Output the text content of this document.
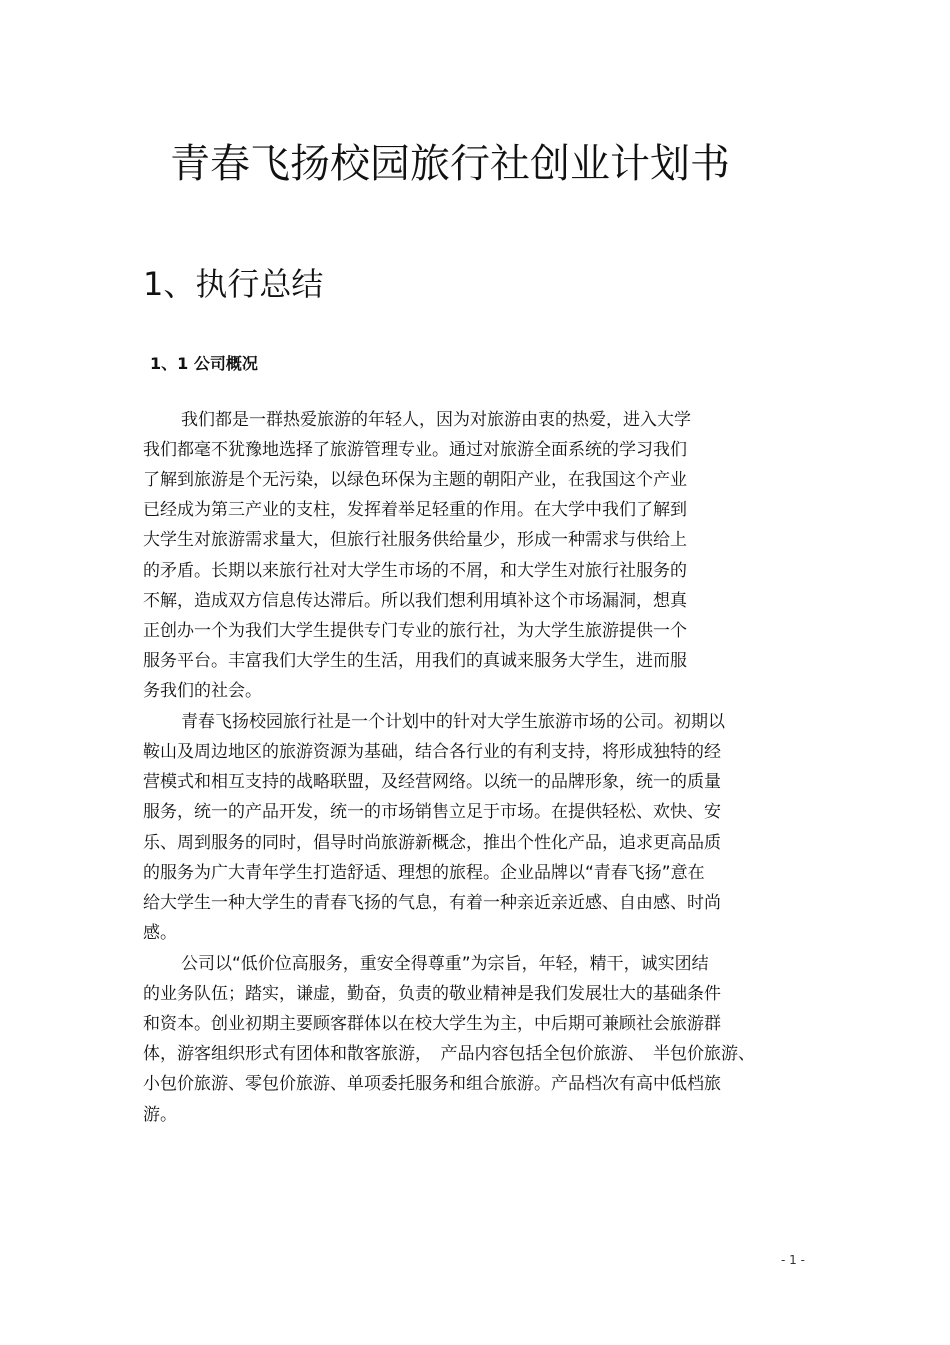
青春飞扬校园旅行社创业计划书
1、执行总结
1、1 公司概况

我们都是一群热爱旅游的年轻人，因为对旅游由衷的热爱，进入大学

我们都毫不犹豫地选择了旅游管理专业。通过对旅游全面系统的学习我们

了解到旅游是个无污染，以绿色环保为主题的朝阳产业，在我国这个产业

已经成为第三产业的支柱，发挥着举足轻重的作用。在大学中我们了解到

大学生对旅游需求量大，但旅行社服务供给量少，形成一种需求与供给上

的矛盾。长期以来旅行社对大学生市场的不屑，和大学生对旅行社服务的

不解，造成双方信息传达滞后。所以我们想利用填补这个市场漏洞，想真

正创办一个为我们大学生提供专门专业的旅行社，为大学生旅游提供一个

服务平台。丰富我们大学生的生活，用我们的真诚来服务大学生，进而服

务我们的社会。

青春飞扬校园旅行社是一个计划中的针对大学生旅游市场的公司。初期以

鞍山及周边地区的旅游资源为基础，结合各行业的有利支持，将形成独特的经

营模式和相互支持的战略联盟，及经营网络。以统一的品牌形象，统一的质量

服务，统一的产品开发，统一的市场销售立足于市场。在提供轻松、欢快、安

乐、周到服务的同时，倡导时尚旅游新概念，推出个性化产品，追求更高品质

的服务为广大青年学生打造舒适、理想的旅程。企业品牌以“青春飞扬”意在

给大学生一种大学生的青春飞扬的气息，有着一种亲近亲近感、自由感、时尚

感。

公司以“低价位高服务，重安全得尊重”为宗旨，年轻，精干，诚实团结

的业务队伍；踏实，谦虚，勤奋，负责的敬业精神是我们发展壮大的基础条件

和资本。创业初期主要顾客群体以在校大学生为主，中后期可兼顾社会旅游群

体，游客组织形式有团体和散客旅游，　产品内容包括全包价旅游、　半包价旅游、

小包价旅游、零包价旅游、单项委托服务和组合旅游。产品档次有高中低档旅

游。

- 1 -
